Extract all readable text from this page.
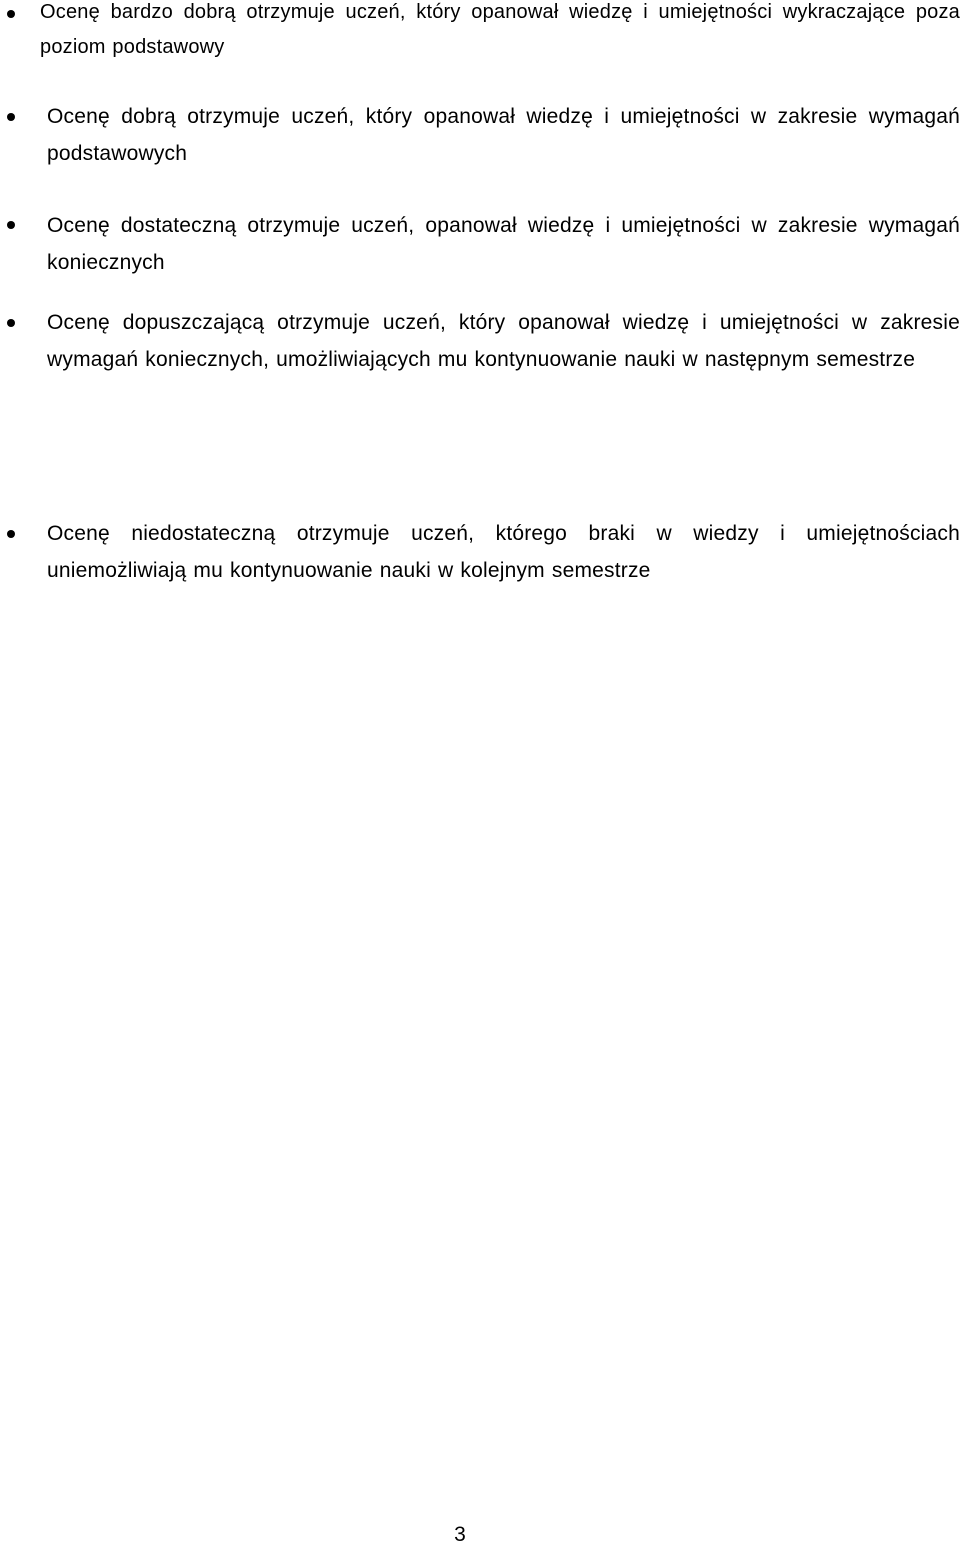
Ocenę bardzo dobrą otrzymuje uczeń, który opanował wiedzę i umiejętności wykraczające poza poziom podstawowy
Ocenę dobrą otrzymuje uczeń, który opanował wiedzę i umiejętności w zakresie wymagań podstawowych
Ocenę dostateczną otrzymuje uczeń, opanował wiedzę i umiejętności w zakresie wymagań koniecznych
Ocenę dopuszczającą otrzymuje uczeń, który opanował wiedzę i umiejętności w zakresie wymagań koniecznych, umożliwiających mu kontynuowanie nauki w następnym semestrze
Ocenę niedostateczną otrzymuje uczeń, którego braki w wiedzy i umiejętnościach uniemożliwiają mu kontynuowanie nauki w kolejnym semestrze
3
